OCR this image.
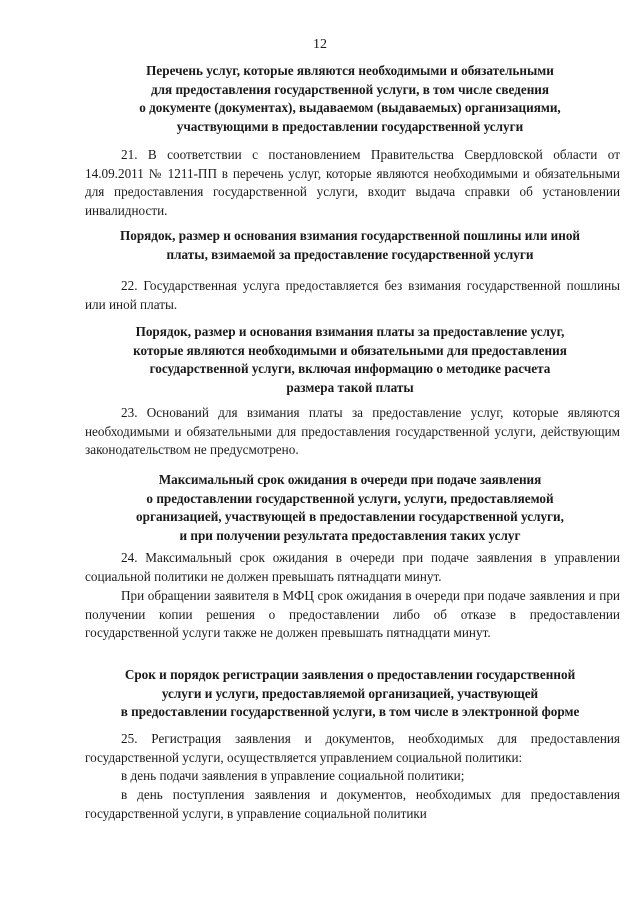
12
Перечень услуг, которые являются необходимыми и обязательными
для предоставления государственной услуги, в том числе сведения
о документе (документах), выдаваемом (выдаваемых) организациями,
участвующими в предоставлении государственной услуги
21. В соответствии с постановлением Правительства Свердловской области от 14.09.2011 № 1211-ПП в перечень услуг, которые являются необходимыми и обязательными для предоставления государственной услуги, входит выдача справки об установлении инвалидности.
Порядок, размер и основания взимания государственной пошлины или иной
платы, взимаемой за предоставление государственной услуги
22. Государственная услуга предоставляется без взимания государственной пошлины или иной платы.
Порядок, размер и основания взимания платы за предоставление услуг,
которые являются необходимыми и обязательными для предоставления
государственной услуги, включая информацию о методике расчета
размера такой платы
23. Оснований для взимания платы за предоставление услуг, которые являются необходимыми и обязательными для предоставления государственной услуги, действующим законодательством не предусмотрено.
Максимальный срок ожидания в очереди при подаче заявления
о предоставлении государственной услуги, услуги, предоставляемой
организацией, участвующей в предоставлении государственной услуги,
и при получении результата предоставления таких услуг
24. Максимальный срок ожидания в очереди при подаче заявления в управлении социальной политики не должен превышать пятнадцати минут.
При обращении заявителя в МФЦ срок ожидания в очереди при подаче заявления и при получении копии решения о предоставлении либо об отказе в предоставлении государственной услуги также не должен превышать пятнадцати минут.
Срок и порядок регистрации заявления о предоставлении государственной
услуги и услуги, предоставляемой организацией, участвующей
в предоставлении государственной услуги, в том числе в электронной форме
25. Регистрация заявления и документов, необходимых для предоставления государственной услуги, осуществляется управлением социальной политики:
в день подачи заявления в управление социальной политики;
в день поступления заявления и документов, необходимых для предоставления государственной услуги, в управление социальной политики
